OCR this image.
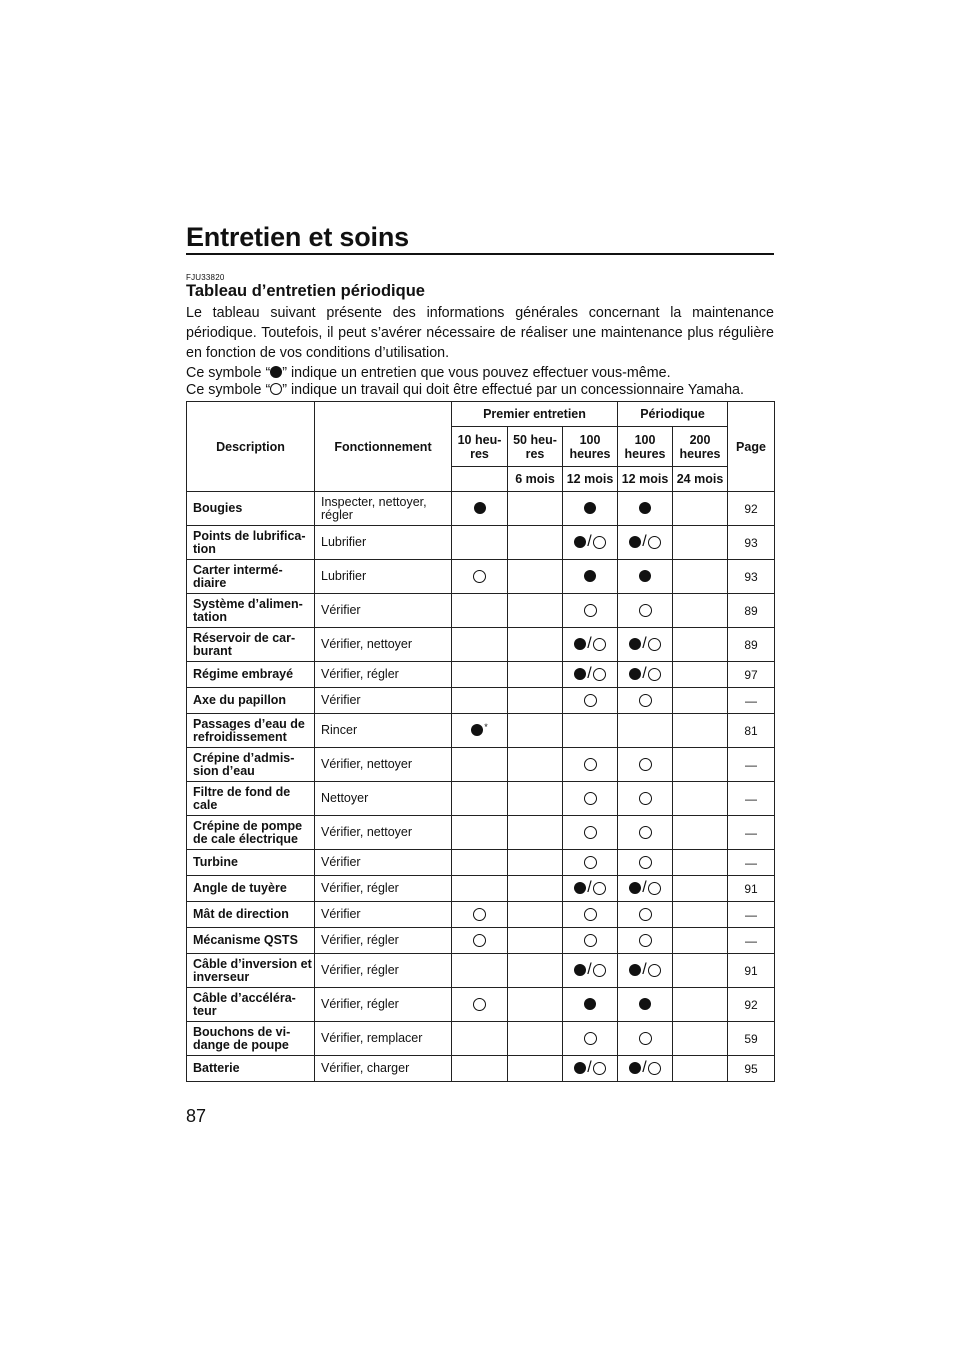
Entretien et soins
FJU33820
Tableau d’entretien périodique

Le tableau suivant présente des informations générales concernant la maintenance périodique. Toutefois, il peut s’avérer nécessaire de réaliser une maintenance plus régulière en fonction de vos conditions d’utilisation.

Ce symbole “ ” indique un entretien que vous pouvez effectuer vous-même.
Ce symbole “ ” indique un travail qui doit être effectué par un concessionnaire Yamaha.
Description	Fonctionnement	Premier entretien			Périodique		Page
		10 heu-res	50 heu-res	100 heures	100 heures	200 heures	
			6 mois	12 mois	12 mois	24 mois	
Bougies	Inspecter, nettoyer, régler						92
Points de lubrifica-tion	Lubrifier			/	/		93
Carter intermé-diaire	Lubrifier						93
Système d’alimen-tation	Vérifier						89
Réservoir de car-burant	Vérifier, nettoyer			/	/		89
Régime embrayé	Vérifier, régler			/	/		97
Axe du papillon	Vérifier						—
Passages d’eau de refroidissement	Rincer	*					81
Crépine d’admis-sion d’eau	Vérifier, nettoyer						—
Filtre de fond de cale	Nettoyer						—
Crépine de pompe de cale électrique	Vérifier, nettoyer						—
Turbine	Vérifier						—
Angle de tuyère	Vérifier, régler			/	/		91
Mât de direction	Vérifier						—
Mécanisme QSTS	Vérifier, régler						—
Câble d’inversion et inverseur	Vérifier, régler			/	/		91
Câble d’accéléra-teur	Vérifier, régler						92
Bouchons de vi-dange de poupe	Vérifier, remplacer						59
Batterie	Vérifier, charger			/	/		95
87
